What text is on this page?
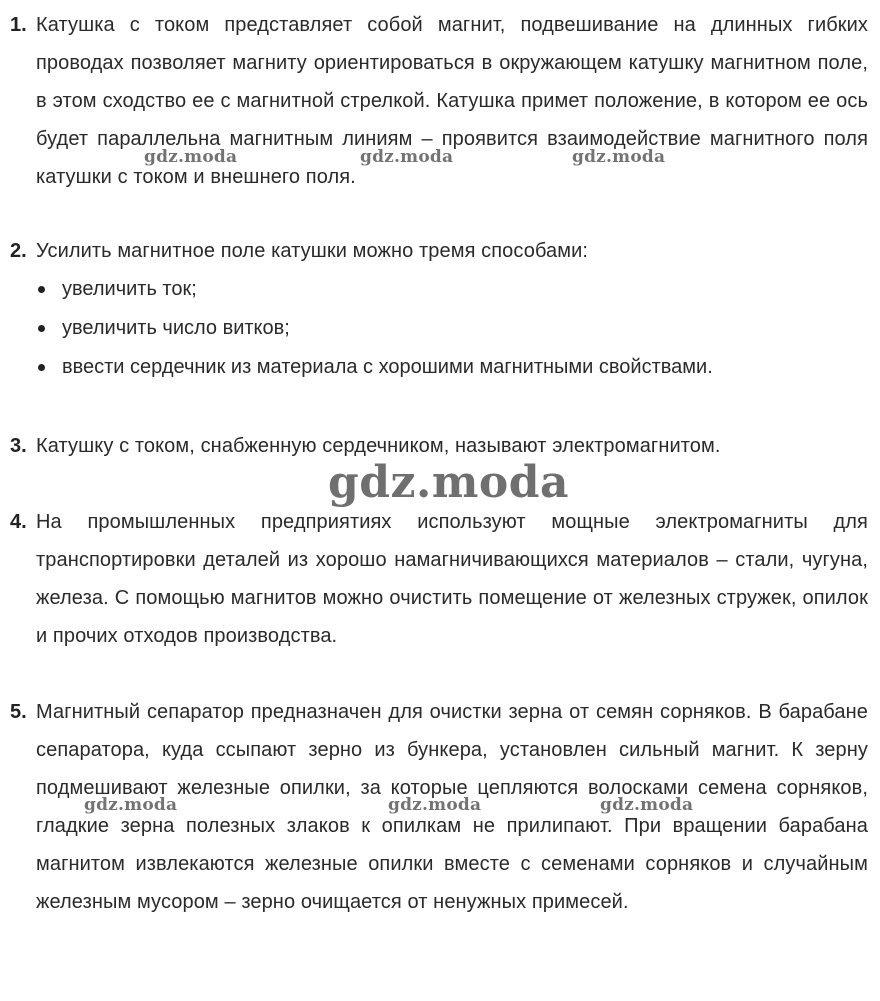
1. Катушка с током представляет собой магнит, подвешивание на длинных гибких проводах позволяет магниту ориентироваться в окружающем катушку магнитном поле, в этом сходство ее с магнитной стрелкой. Катушка примет положение, в котором ее ось будет параллельна магнитным линиям – проявится взаимодействие магнитного поля катушки с током и внешнего поля.
2. Усилить магнитное поле катушки можно тремя способами:
увеличить ток;
увеличить число витков;
ввести сердечник из материала с хорошими магнитными свойствами.
3. Катушку с током, снабженную сердечником, называют электромагнитом.
4. На промышленных предприятиях используют мощные электромагниты для транспортировки деталей из хорошо намагничивающихся материалов – стали, чугуна, железа. С помощью магнитов можно очистить помещение от железных стружек, опилок и прочих отходов производства.
5. Магнитный сепаратор предназначен для очистки зерна от семян сорняков. В барабане сепаратора, куда ссыпают зерно из бункера, установлен сильный магнит. К зерну подмешивают железные опилки, за которые цепляются волосками семена сорняков, гладкие зерна полезных злаков к опилкам не прилипают. При вращении барабана магнитом извлекаются железные опилки вместе с семенами сорняков и случайным железным мусором – зерно очищается от ненужных примесей.
gdz.moda	gdz.moda	gdz.moda
gdz.moda
gdz.moda	gdz.moda	gdz.moda
